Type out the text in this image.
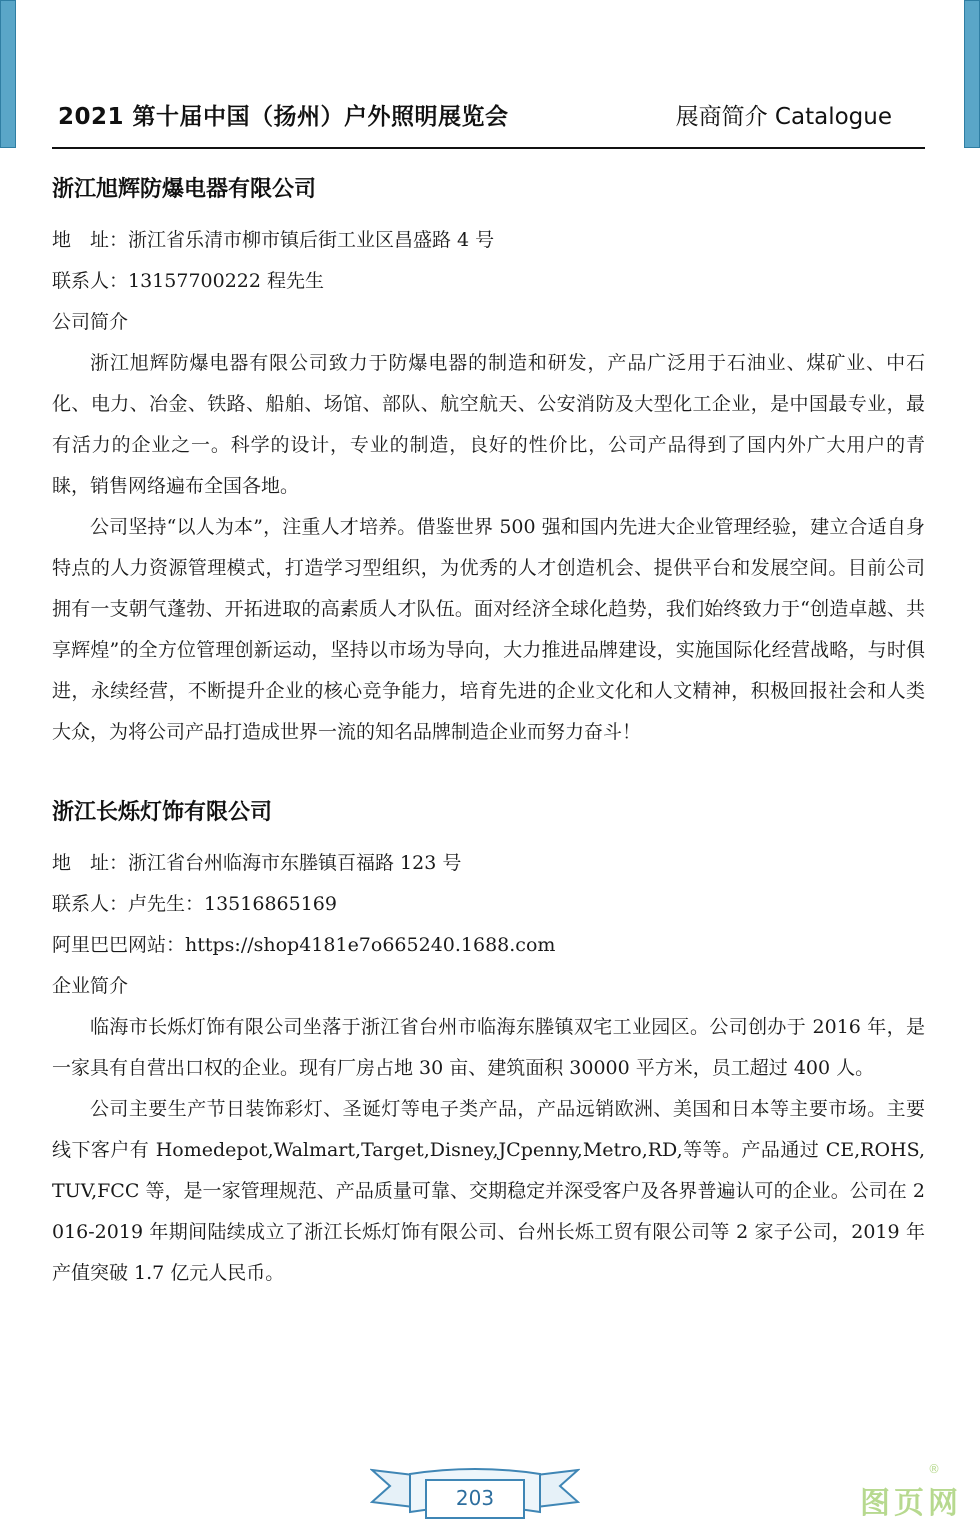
2021 第十届中国（扬州）户外照明展览会	展商简介 Catalogue
浙江旭辉防爆电器有限公司

地　址：浙江省乐清市柳市镇后街工业区昌盛路 4 号

联系人：13157700222 程先生

公司简介

浙江旭辉防爆电器有限公司致力于防爆电器的制造和研发，产品广泛用于石油业、煤矿业、中石化、电力、冶金、铁路、船舶、场馆、部队、航空航天、公安消防及大型化工企业，是中国最专业，最有活力的企业之一。科学的设计，专业的制造，良好的性价比，公司产品得到了国内外广大用户的青睐，销售网络遍布全国各地。

公司坚持“以人为本”，注重人才培养。借鉴世界 500 强和国内先进大企业管理经验，建立合适自身特点的人力资源管理模式，打造学习型组织，为优秀的人才创造机会、提供平台和发展空间。目前公司拥有一支朝气蓬勃、开拓进取的高素质人才队伍。面对经济全球化趋势，我们始终致力于“创造卓越、共享辉煌”的全方位管理创新运动，坚持以市场为导向，大力推进品牌建设，实施国际化经营战略，与时俱进，永续经营，不断提升企业的核心竞争能力，培育先进的企业文化和人文精神，积极回报社会和人类大众，为将公司产品打造成世界一流的知名品牌制造企业而努力奋斗！

浙江长烁灯饰有限公司

地　址：浙江省台州临海市东塍镇百福路 123 号

联系人：卢先生：13516865169

阿里巴巴网站：https://shop4181e7o665240.1688.com

企业简介

临海市长烁灯饰有限公司坐落于浙江省台州市临海东塍镇双宅工业园区。公司创办于 2016 年，是一家具有自营出口权的企业。现有厂房占地 30 亩、建筑面积 30000 平方米，员工超过 400 人。

公司主要生产节日装饰彩灯、圣诞灯等电子类产品，产品远销欧洲、美国和日本等主要市场。主要线下客户有 Homedepot,Walmart,Target,Disney,JCpenny,Metro,RD,等等。产品通过 CE,ROHS,TUV,FCC 等，是一家管理规范、产品质量可靠、交期稳定并深受客户及各界普遍认可的企业。公司在 2016-2019 年期间陆续成立了浙江长烁灯饰有限公司、台州长烁工贸有限公司等 2 家子公司，2019 年产值突破 1.7 亿元人民币。

203	图页网
®
